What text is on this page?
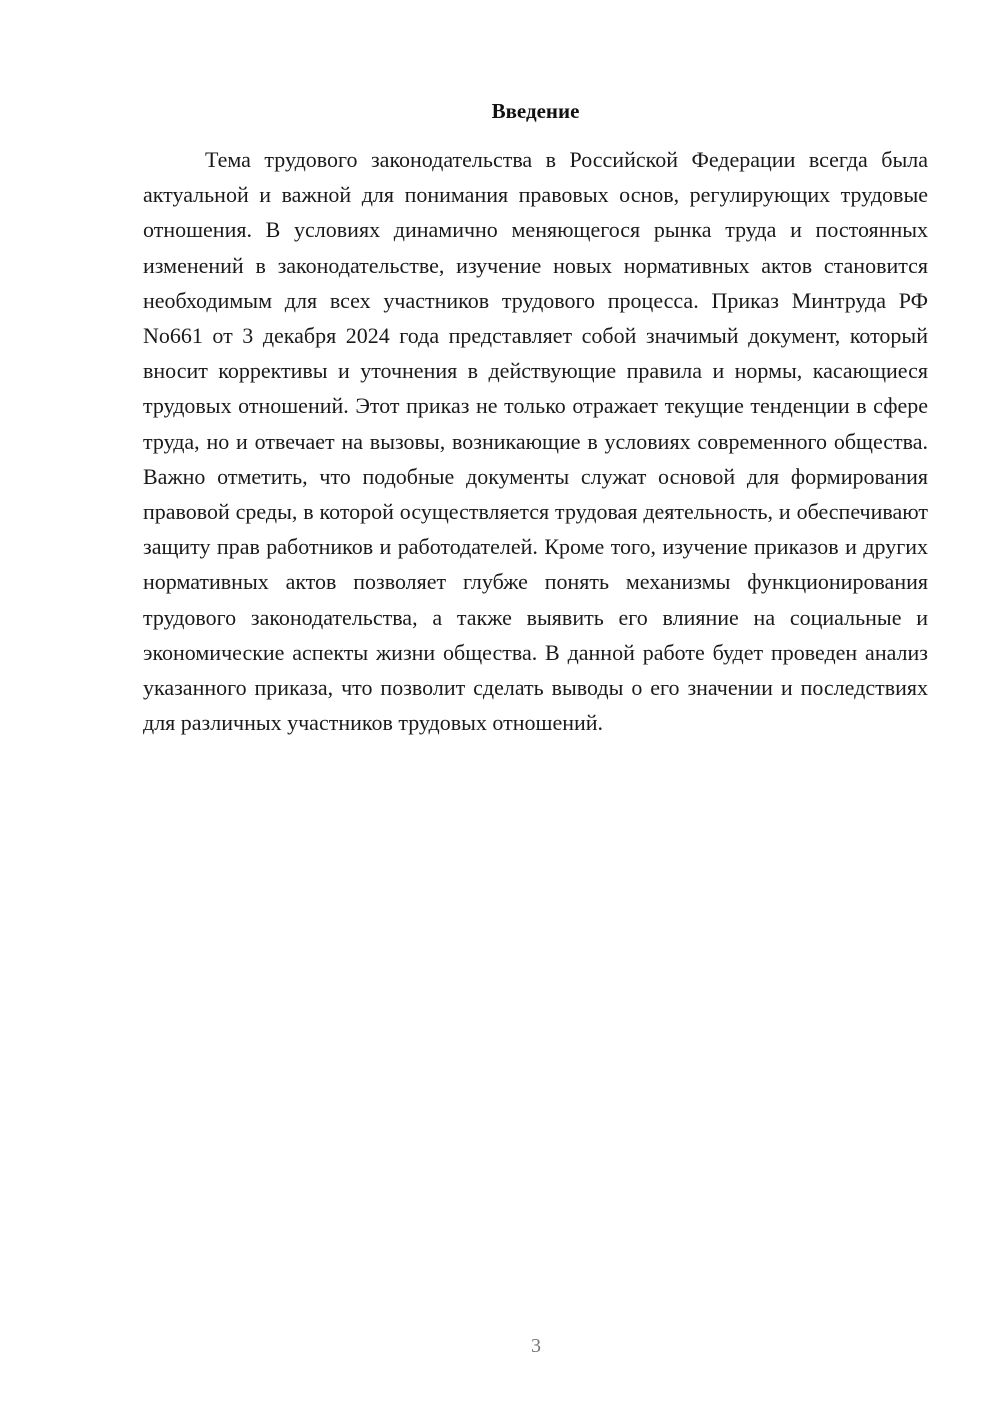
Введение

Тема трудового законодательства в Российской Федерации всегда была актуальной и важной для понимания правовых основ, регулирующих трудовые отношения. В условиях динамично меняющегося рынка труда и постоянных изменений в законодательстве, изучение новых нормативных актов становится необходимым для всех участников трудового процесса. Приказ Минтруда РФ No661 от 3 декабря 2024 года представляет собой значимый документ, который вносит коррективы и уточнения в действующие правила и нормы, касающиеся трудовых отношений. Этот приказ не только отражает текущие тенденции в сфере труда, но и отвечает на вызовы, возникающие в условиях современного общества. Важно отметить, что подобные документы служат основой для формирования правовой среды, в которой осуществляется трудовая деятельность, и обеспечивают защиту прав работников и работодателей. Кроме того, изучение приказов и других нормативных актов позволяет глубже понять механизмы функционирования трудового законодательства, а также выявить его влияние на социальные и экономические аспекты жизни общества. В данной работе будет проведен анализ указанного приказа, что позволит сделать выводы о его значении и последствиях для различных участников трудовых отношений.

3
